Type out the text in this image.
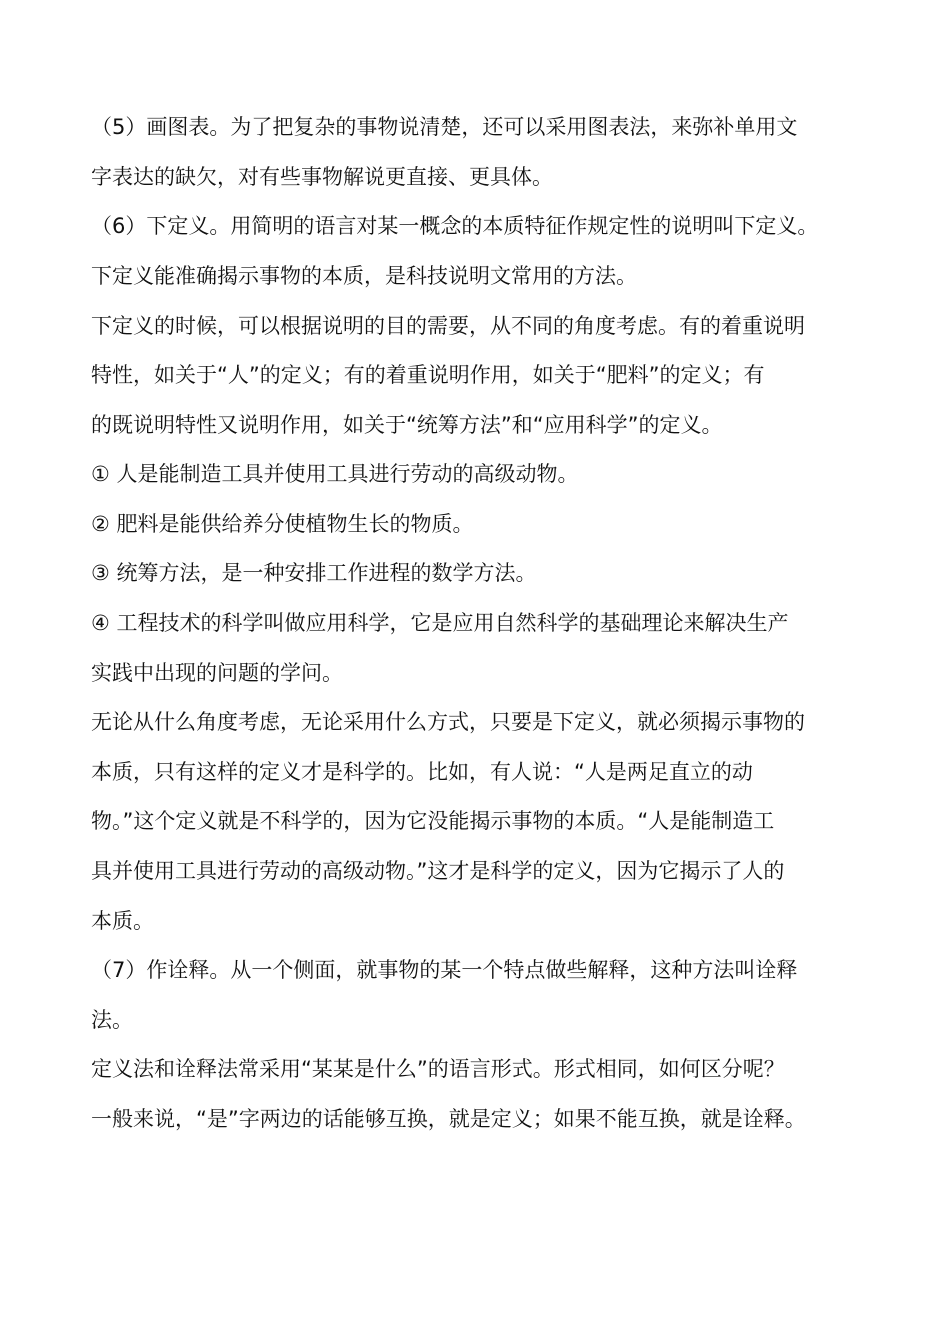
（5）画图表。为了把复杂的事物说清楚，还可以采用图表法，来弥补单用文
字表达的缺欠，对有些事物解说更直接、更具体。
（6）下定义。用简明的语言对某一概念的本质特征作规定性的说明叫下定义。
下定义能准确揭示事物的本质，是科技说明文常用的方法。
下定义的时候，可以根据说明的目的需要，从不同的角度考虑。有的着重说明
特性，如关于“人”的定义；有的着重说明作用，如关于“肥料”的定义；有
的既说明特性又说明作用，如关于“统筹方法”和“应用科学”的定义。
① 人是能制造工具并使用工具进行劳动的高级动物。
② 肥料是能供给养分使植物生长的物质。
③ 统筹方法，是一种安排工作进程的数学方法。
④ 工程技术的科学叫做应用科学，它是应用自然科学的基础理论来解决生产
实践中出现的问题的学问。
无论从什么角度考虑，无论采用什么方式，只要是下定义，就必须揭示事物的
本质，只有这样的定义才是科学的。比如，有人说：“人是两足直立的动
物。”这个定义就是不科学的，因为它没能揭示事物的本质。“人是能制造工
具并使用工具进行劳动的高级动物。”这才是科学的定义，因为它揭示了人的
本质。
（7）作诠释。从一个侧面，就事物的某一个特点做些解释，这种方法叫诠释
法。
定义法和诠释法常采用“某某是什么”的语言形式。形式相同，如何区分呢？
一般来说，“是”字两边的话能够互换，就是定义；如果不能互换，就是诠释。
